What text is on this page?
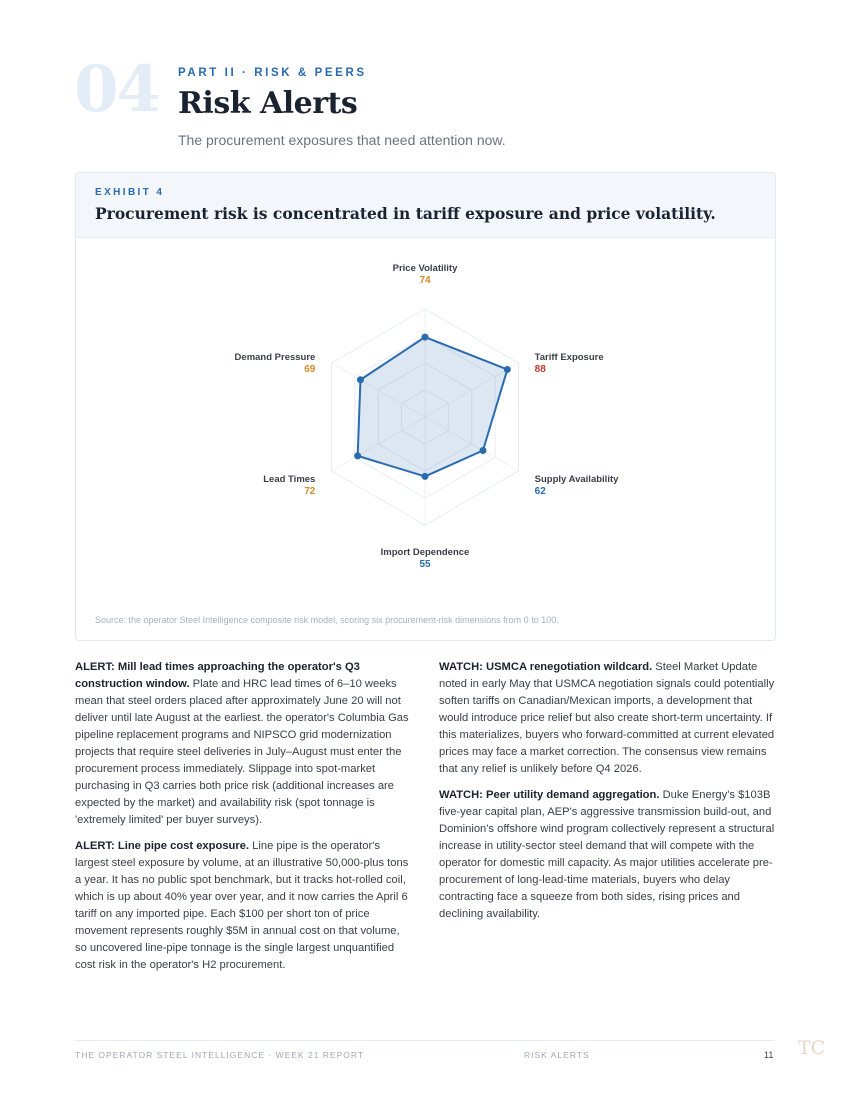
04 PART II · RISK & PEERS
Risk Alerts
The procurement exposures that need attention now.
EXHIBIT 4
Procurement risk is concentrated in tariff exposure and price volatility.
Price Volatility
74
Tariff Exposure
88
Supply Availability
62
Import Dependence
55
Lead Times
72
Demand Pressure
69
Source: the operator Steel Intelligence composite risk model, scoring six procurement-risk dimensions from 0 to 100.

ALERT: Mill lead times approaching the operator's Q3 construction window. Plate and HRC lead times of 6–10 weeks mean that steel orders placed after approximately June 20 will not deliver until late August at the earliest. the operator's Columbia Gas pipeline replacement programs and NIPSCO grid modernization projects that require steel deliveries in July–August must enter the procurement process immediately. Slippage into spot-market purchasing in Q3 carries both price risk (additional increases are expected by the market) and availability risk (spot tonnage is 'extremely limited' per buyer surveys).

ALERT: Line pipe cost exposure. Line pipe is the operator's largest steel exposure by volume, at an illustrative 50,000-plus tons a year. It has no public spot benchmark, but it tracks hot-rolled coil, which is up about 40% year over year, and it now carries the April 6 tariff on any imported pipe. Each $100 per short ton of price movement represents roughly $5M in annual cost on that volume, so uncovered line-pipe tonnage is the single largest unquantified cost risk in the operator's H2 procurement.

WATCH: USMCA renegotiation wildcard. Steel Market Update noted in early May that USMCA negotiation signals could potentially soften tariffs on Canadian/Mexican imports, a development that would introduce price relief but also create short-term uncertainty. If this materializes, buyers who forward-committed at current elevated prices may face a market correction. The consensus view remains that any relief is unlikely before Q4 2026.

WATCH: Peer utility demand aggregation. Duke Energy's $103B five-year capital plan, AEP's aggressive transmission build-out, and Dominion's offshore wind program collectively represent a structural increase in utility-sector steel demand that will compete with the operator for domestic mill capacity. As major utilities accelerate pre-procurement of long-lead-time materials, buyers who delay contracting face a squeeze from both sides, rising prices and declining availability.

THE OPERATOR STEEL INTELLIGENCE · WEEK 21 REPORT	RISK ALERTS	11 TC
